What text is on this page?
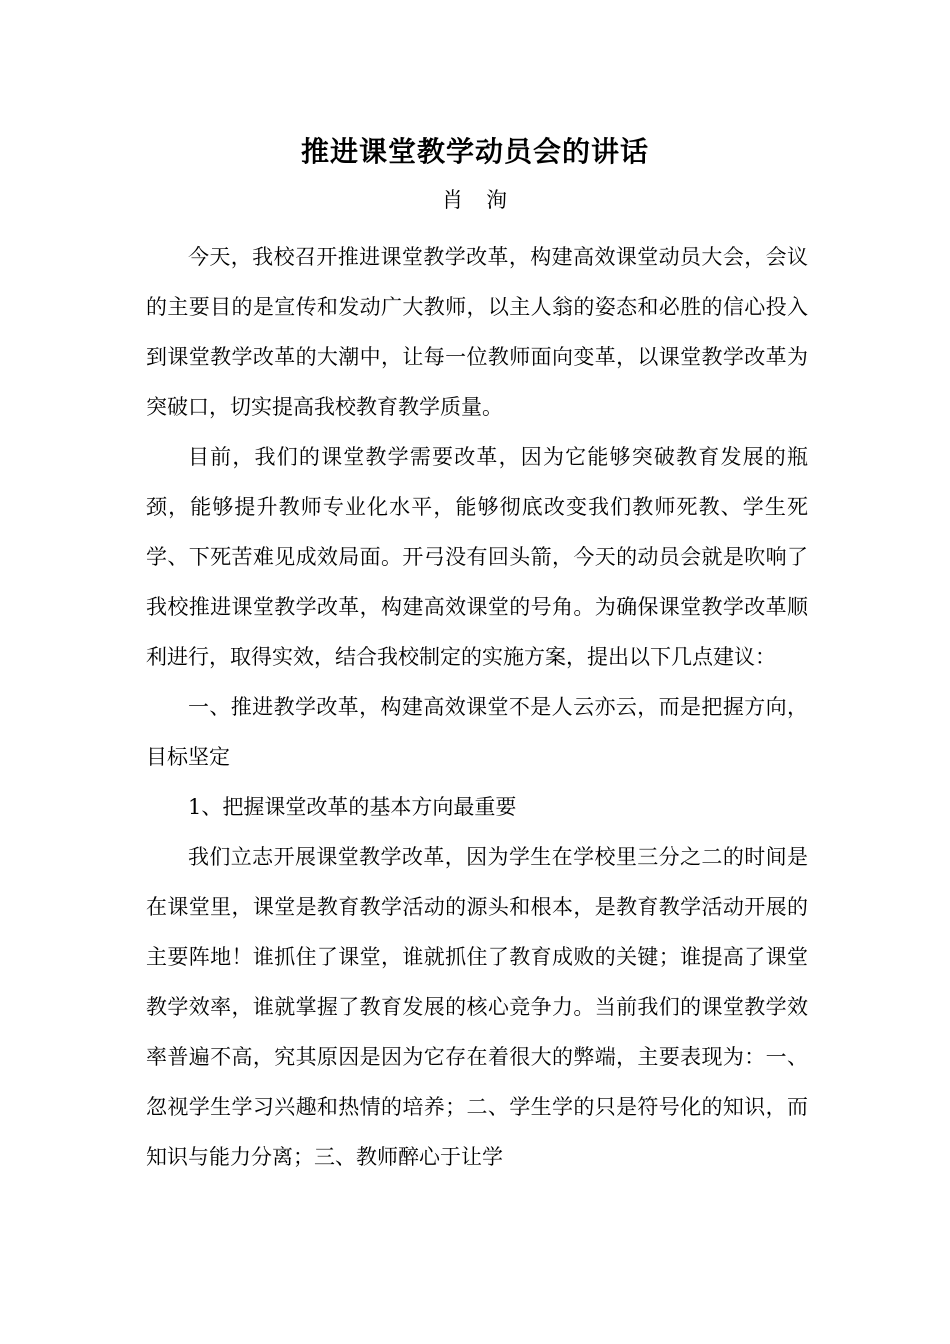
推进课堂教学动员会的讲话
肖　洵

今天，我校召开推进课堂教学改革，构建高效课堂动员大会，会议的主要目的是宣传和发动广大教师，以主人翁的姿态和必胜的信心投入到课堂教学改革的大潮中，让每一位教师面向变革，以课堂教学改革为突破口，切实提高我校教育教学质量。

目前，我们的课堂教学需要改革，因为它能够突破教育发展的瓶颈，能够提升教师专业化水平，能够彻底改变我们教师死教、学生死学、下死苦难见成效局面。开弓没有回头箭，今天的动员会就是吹响了我校推进课堂教学改革，构建高效课堂的号角。为确保课堂教学改革顺利进行，取得实效，结合我校制定的实施方案，提出以下几点建议：

一、推进教学改革，构建高效课堂不是人云亦云，而是把握方向，目标坚定

1、把握课堂改革的基本方向最重要

我们立志开展课堂教学改革，因为学生在学校里三分之二的时间是在课堂里，课堂是教育教学活动的源头和根本，是教育教学活动开展的主要阵地！谁抓住了课堂，谁就抓住了教育成败的关键；谁提高了课堂教学效率，谁就掌握了教育发展的核心竞争力。当前我们的课堂教学效率普遍不高，究其原因是因为它存在着很大的弊端，主要表现为：一、忽视学生学习兴趣和热情的培养；二、学生学的只是符号化的知识，而知识与能力分离；三、教师醉心于让学
